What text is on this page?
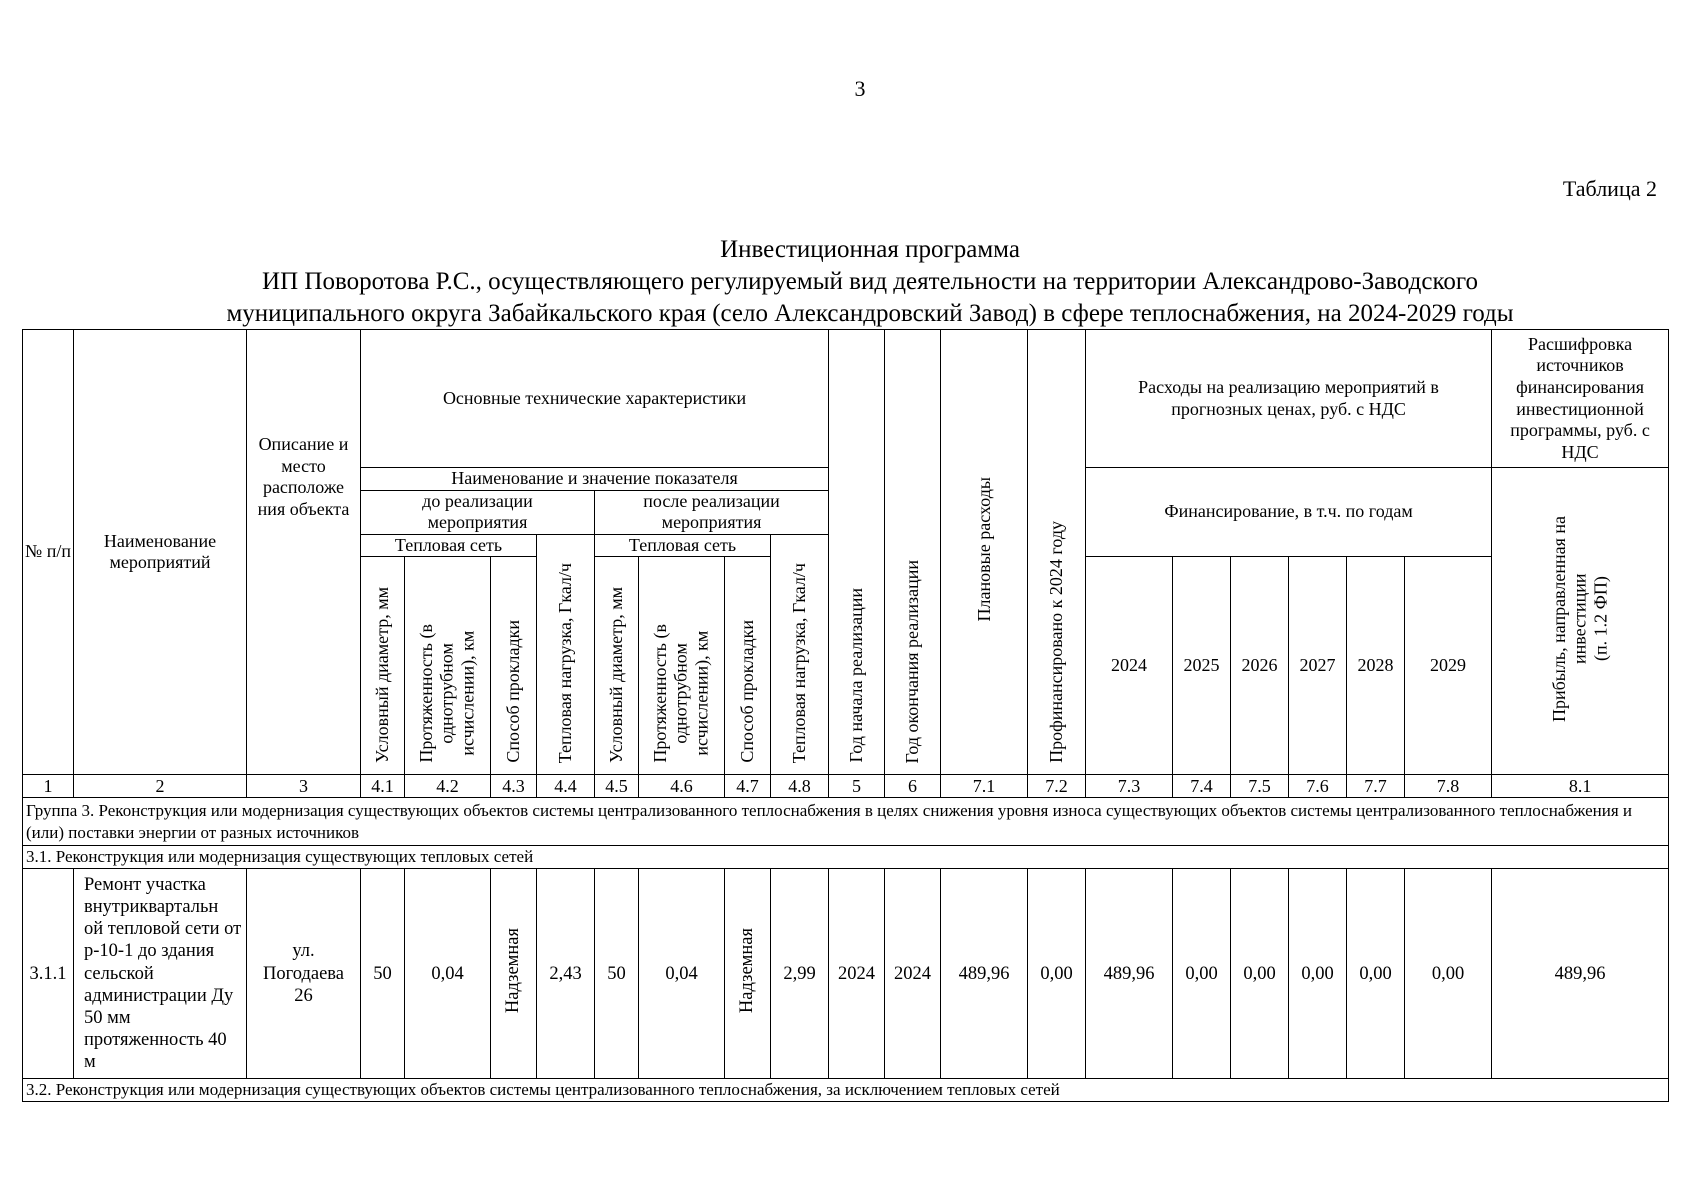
3
Таблица 2
Инвестиционная программа
ИП Поворотова Р.С., осуществляющего регулируемый вид деятельности на территории Александрово-Заводского
муниципального округа Забайкальского края (село Александровский Завод) в сфере теплоснабжения, на 2024-2029 годы
№ п/п	Наименование мероприятий	Описание и место расположе ния объекта	Основные технические характеристики								Год начала реализации	Год окончания реализации	Плановые расходы	Профинансировано к 2024 году	Расходы на реализацию мероприятий в прогнозных ценах, руб. с НДС						Расшифровка источников финансирования инвестиционной программы, руб. с НДС
			Наименование и значение показателя												Финансирование, в т.ч. по годам						Прибыль, направленная на
инвестиции
(п. 1.2 ФП)
			до реализации мероприятия				после реализации мероприятия														
			Тепловая сеть			Тепловая нагрузка, Гкал/ч	Тепловая сеть			Тепловая нагрузка, Гкал/ч											
			Условный диаметр, мм	Протяженность (в
однотрубном
исчислении), км	Способ прокладки		Условный диаметр, мм	Протяженность (в
однотрубном
исчислении), км	Способ прокладки						2024	2025	2026	2027	2028	2029	
1	2	3	4.1	4.2	4.3	4.4	4.5	4.6	4.7	4.8	5	6	7.1	7.2	7.3	7.4	7.5	7.6	7.7	7.8	8.1
Группа 3. Реконструкция или модернизация существующих объектов системы централизованного теплоснабжения в целях снижения уровня износа существующих объектов системы централизованного теплоснабжения и (или) поставки энергии от разных источников																					
3.1. Реконструкция или модернизация существующих тепловых сетей																					
3.1.1	Ремонт участка внутриквартальн ой тепловой сети от р-10-1 до здания сельской администрации Ду 50 мм протяженность 40 м	ул. Погодаева 26	50	0,04	Надземная	2,43	50	0,04	Надземная	2,99	2024	2024	489,96	0,00	489,96	0,00	0,00	0,00	0,00	0,00	489,96
3.2. Реконструкция или модернизация существующих объектов системы централизованного теплоснабжения, за исключением тепловых сетей																					
